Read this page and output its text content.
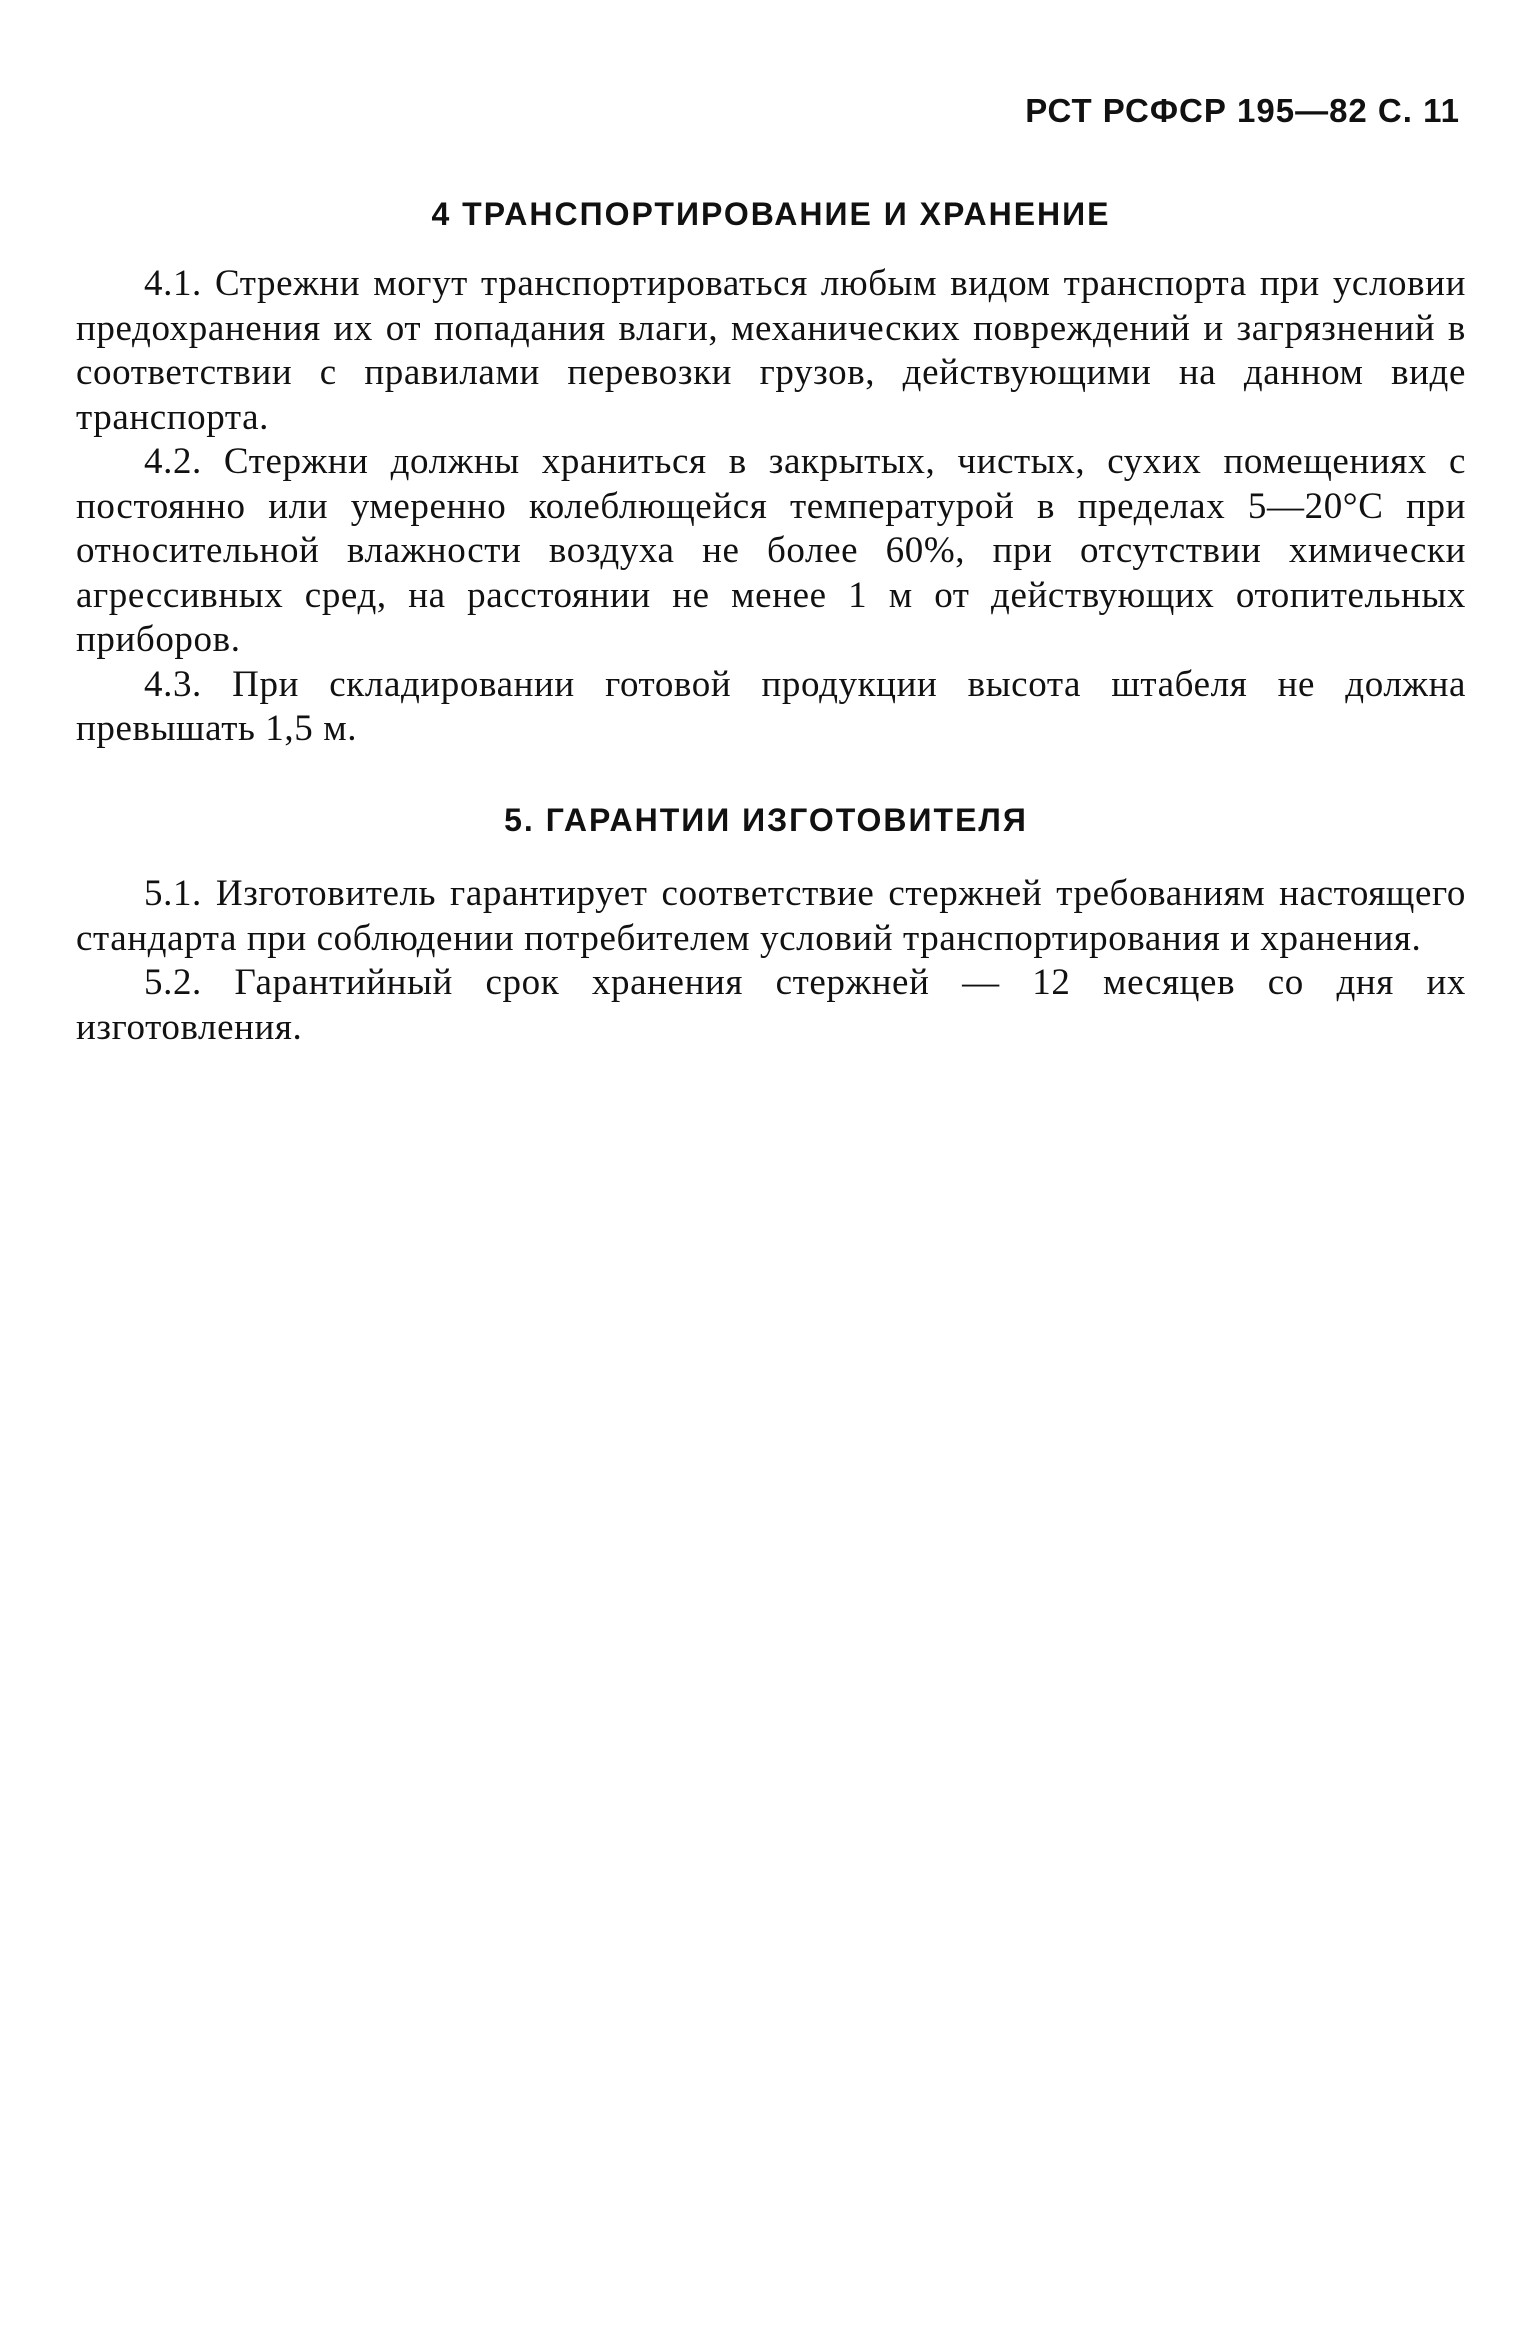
РСТ РСФСР 195—82 С. 11
4 ТРАНСПОРТИРОВАНИЕ И ХРАНЕНИЕ

4.1. Стрежни могут транспортироваться любым видом транспорта при условии предохранения их от попадания влаги, механических повреждений и загрязнений в соответствии с правилами перевозки грузов, действующими на данном виде транспорта.

4.2. Стержни должны храниться в закрытых, чистых, сухих помещениях с постоянно или умеренно колеблющейся температурой в пределах 5—20°С при относительной влажности воздуха не более 60%, при отсутствии химически агрессивных сред, на расстоянии не менее 1 м от действующих отопительных приборов.

4.3. При складировании готовой продукции высота штабеля не должна превышать 1,5 м.

5. ГАРАНТИИ ИЗГОТОВИТЕЛЯ

5.1. Изготовитель гарантирует соответствие стержней требованиям настоящего стандарта при соблюдении потребителем условий транспортирования и хранения.

5.2. Гарантийный срок хранения стержней — 12 месяцев со дня их изготовления.
